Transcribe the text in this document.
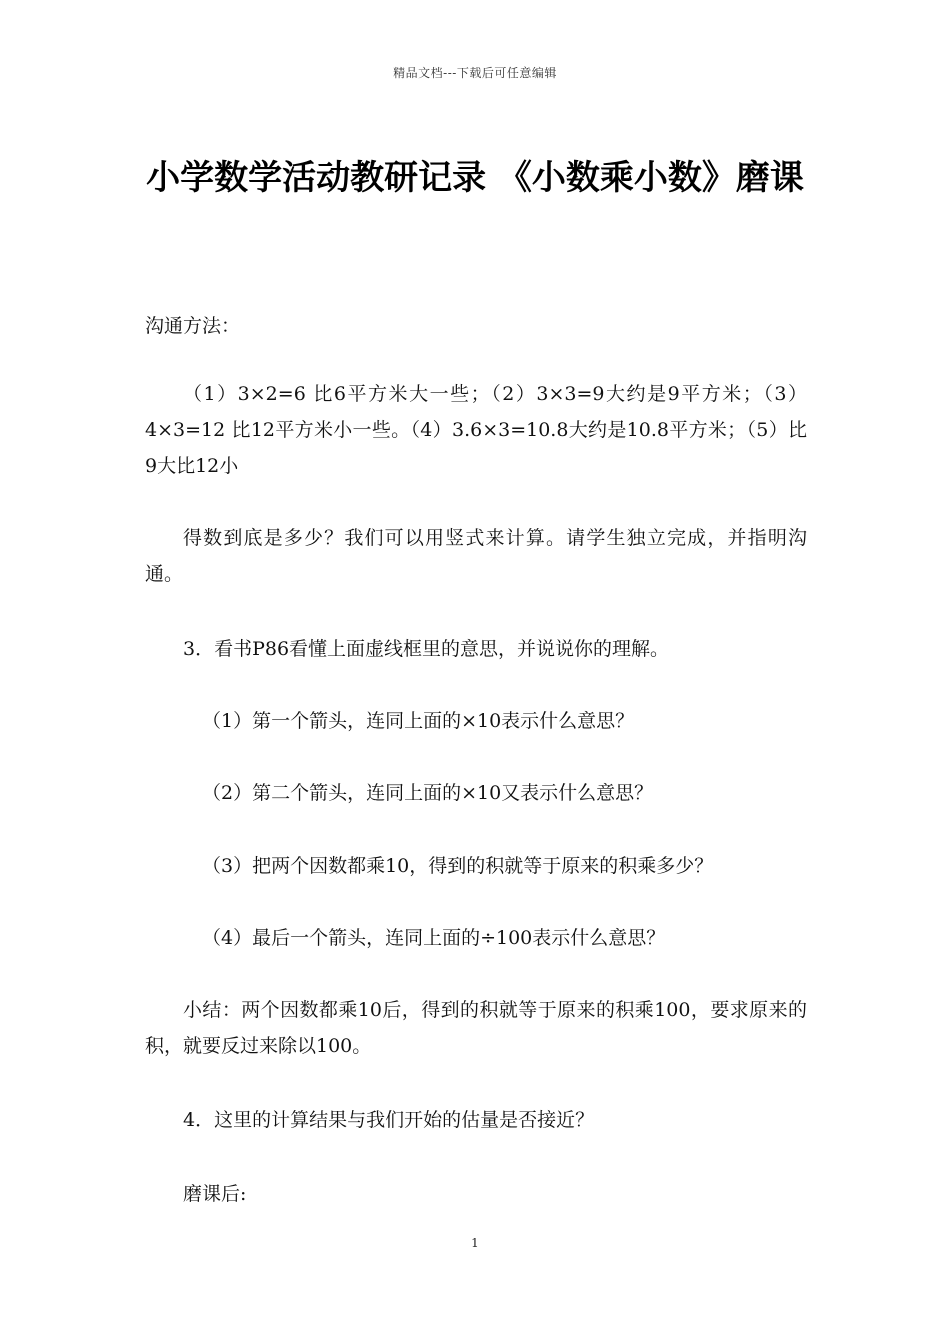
精品文档---下载后可任意编辑
小学数学活动教研记录 《小数乘小数》磨课

沟通方法：

（1）3×2=6 比6平方米大一些；（2）3×3=9大约是9平方米；（3）4×3=12 比12平方米小一些。（4）3.6×3=10.8大约是10.8平方米；（5）比9大比12小

得数到底是多少？我们可以用竖式来计算。请学生独立完成，并指明沟通。

3．看书P86看懂上面虚线框里的意思，并说说你的理解。

（1）第一个箭头，连同上面的×10表示什么意思？

（2）第二个箭头，连同上面的×10又表示什么意思？

（3）把两个因数都乘10，得到的积就等于原来的积乘多少？

（4）最后一个箭头，连同上面的÷100表示什么意思？

小结：两个因数都乘10后，得到的积就等于原来的积乘100，要求原来的积，就要反过来除以100。

4．这里的计算结果与我们开始的估量是否接近？

磨课后:

1
